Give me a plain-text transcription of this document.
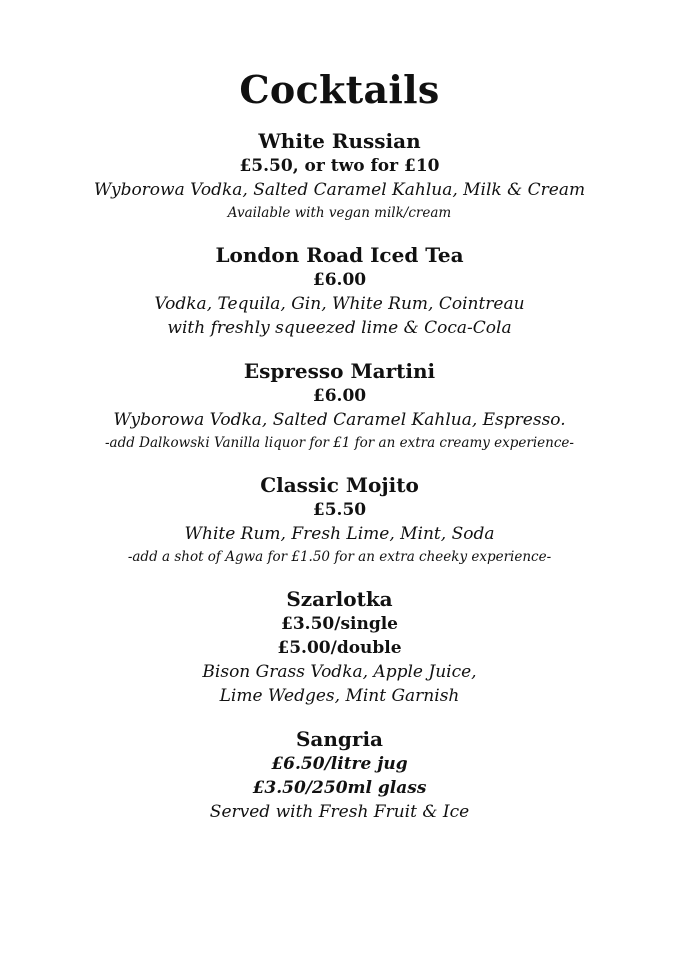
Cocktails
White Russian
£5.50, or two for £10
Wyborowa Vodka, Salted Caramel Kahlua, Milk & Cream
Available with vegan milk/cream
London Road Iced Tea
£6.00
Vodka, Tequila, Gin, White Rum, Cointreau
with freshly squeezed lime & Coca-Cola
Espresso Martini
£6.00
Wyborowa Vodka, Salted Caramel Kahlua, Espresso.
-add Dalkowski Vanilla liquor for £1 for an extra creamy experience-
Classic Mojito
£5.50
White Rum, Fresh Lime, Mint, Soda
-add a shot of Agwa for £1.50 for an extra cheeky experience-
Szarlotka
£3.50/single
£5.00/double
Bison Grass Vodka, Apple Juice,
Lime Wedges, Mint Garnish
Sangria
£6.50/litre jug
£3.50/250ml glass
Served with Fresh Fruit & Ice
